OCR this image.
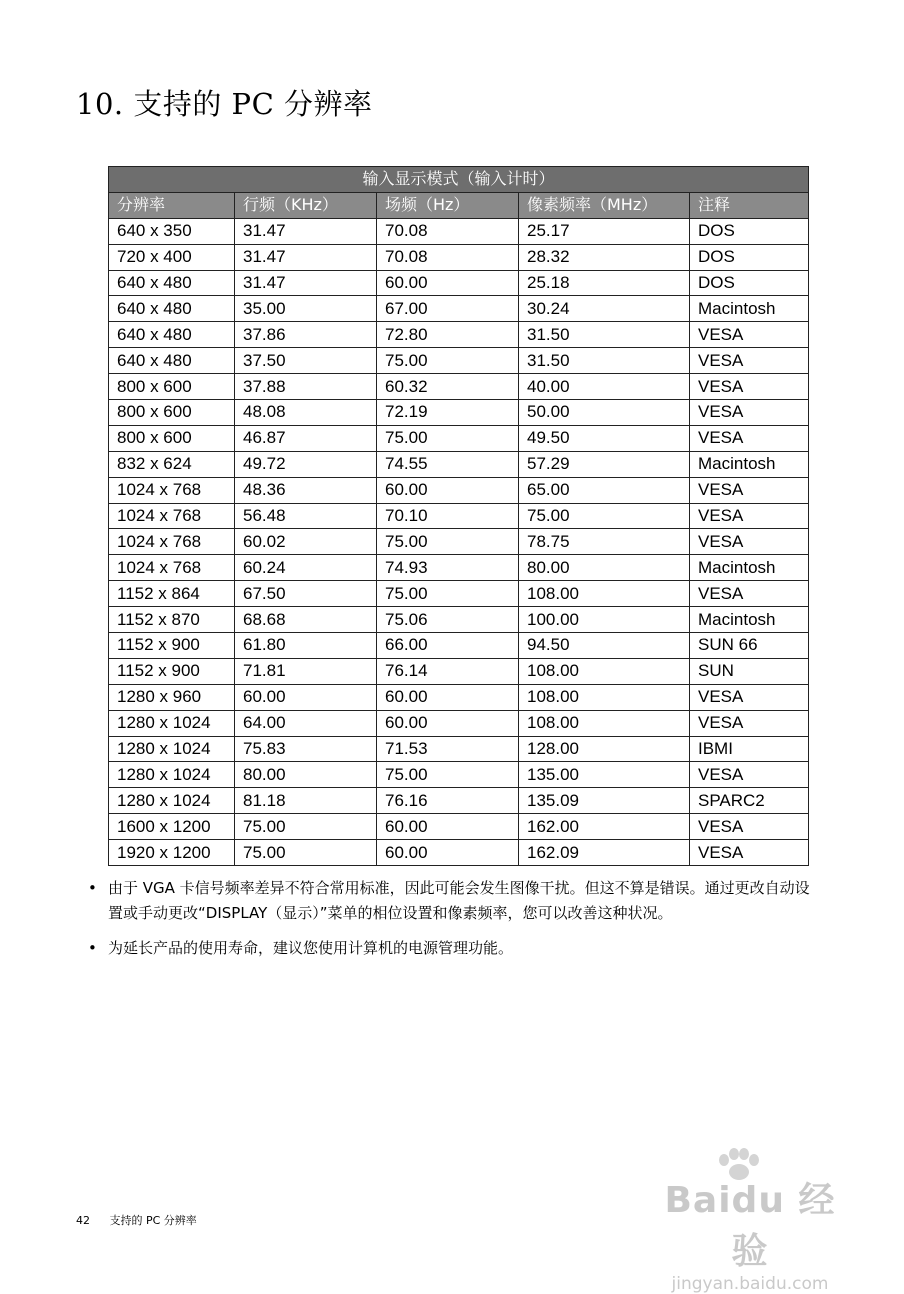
10. 支持的 PC 分辨率
输入显示模式（输入计时）				
分辨率	行频（KHz）	场频（Hz）	像素频率（MHz）	注释
640 x 350	31.47	70.08	25.17	DOS
720 x 400	31.47	70.08	28.32	DOS
640 x 480	31.47	60.00	25.18	DOS
640 x 480	35.00	67.00	30.24	Macintosh
640 x 480	37.86	72.80	31.50	VESA
640 x 480	37.50	75.00	31.50	VESA
800 x 600	37.88	60.32	40.00	VESA
800 x 600	48.08	72.19	50.00	VESA
800 x 600	46.87	75.00	49.50	VESA
832 x 624	49.72	74.55	57.29	Macintosh
1024 x 768	48.36	60.00	65.00	VESA
1024 x 768	56.48	70.10	75.00	VESA
1024 x 768	60.02	75.00	78.75	VESA
1024 x 768	60.24	74.93	80.00	Macintosh
1152 x 864	67.50	75.00	108.00	VESA
1152 x 870	68.68	75.06	100.00	Macintosh
1152 x 900	61.80	66.00	94.50	SUN 66
1152 x 900	71.81	76.14	108.00	SUN
1280 x 960	60.00	60.00	108.00	VESA
1280 x 1024	64.00	60.00	108.00	VESA
1280 x 1024	75.83	71.53	128.00	IBMI
1280 x 1024	80.00	75.00	135.00	VESA
1280 x 1024	81.18	76.16	135.09	SPARC2
1600 x 1200	75.00	60.00	162.00	VESA
1920 x 1200	75.00	60.00	162.09	VESA
• 由于 VGA 卡信号频率差异不符合常用标准，因此可能会发生图像干扰。但这不算是错误。通过更改自动设置或手动更改“DISPLAY（显示）”菜单的相位设置和像素频率，您可以改善这种状况。
• 为延长产品的使用寿命，建议您使用计算机的电源管理功能。
42 支持的 PC 分辨率	Baidu 经验
jingyan.baidu.com
